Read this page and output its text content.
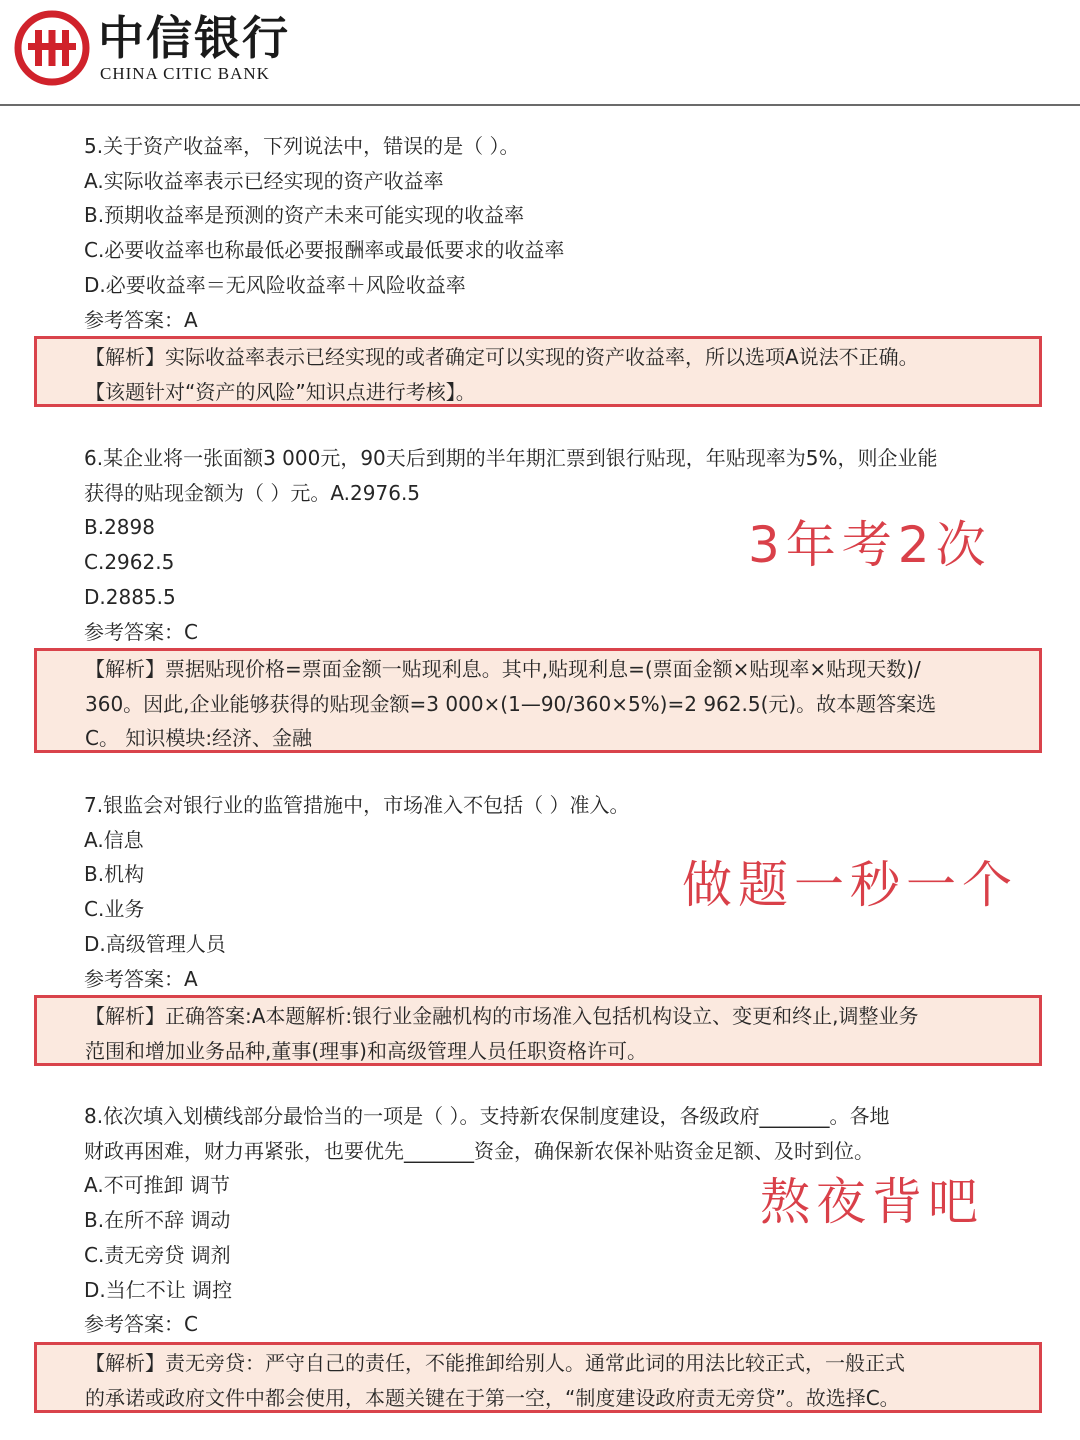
中信银行
CHINA CITIC BANK
5.关于资产收益率，下列说法中，错误的是（ ）。
A.实际收益率表示已经实现的资产收益率
B.预期收益率是预测的资产未来可能实现的收益率
C.必要收益率也称最低必要报酬率或最低要求的收益率
D.必要收益率＝无风险收益率＋风险收益率
参考答案：A
【解析】实际收益率表示已经实现的或者确定可以实现的资产收益率，所以选项A说法不正确。
【该题针对“资产的风险”知识点进行考核】。
6.某企业将一张面额3 000元，90天后到期的半年期汇票到银行贴现，年贴现率为5%，则企业能
获得的贴现金额为（ ）元。A.2976.5
B.2898
C.2962.5
D.2885.5
参考答案：C
【解析】票据贴现价格=票面金额一贴现利息。其中,贴现利息=(票面金额×贴现率×贴现天数)/
360。因此,企业能够获得的贴现金额=3 000×(1—90/360×5%)=2 962.5(元)。故本题答案选
C。 知识模块:经济、金融
7.银监会对银行业的监管措施中，市场准入不包括（ ）准入。
A.信息
B.机构
C.业务
D.高级管理人员
参考答案：A
【解析】正确答案:A本题解析:银行业金融机构的市场准入包括机构设立、变更和终止,调整业务
范围和增加业务品种,董事(理事)和高级管理人员任职资格许可。
8.依次填入划横线部分最恰当的一项是（ ）。支持新农保制度建设，各级政府_______。各地
财政再困难，财力再紧张，也要优先_______资金，确保新农保补贴资金足额、及时到位。
A.不可推卸 调节
B.在所不辞 调动
C.责无旁贷 调剂
D.当仁不让 调控
参考答案：C
【解析】责无旁贷：严守自己的责任，不能推卸给别人。通常此词的用法比较正式，一般正式
的承诺或政府文件中都会使用，本题关键在于第一空，“制度建设政府责无旁贷”。故选择C。
3年考2次
做题一秒一个
熬夜背吧
